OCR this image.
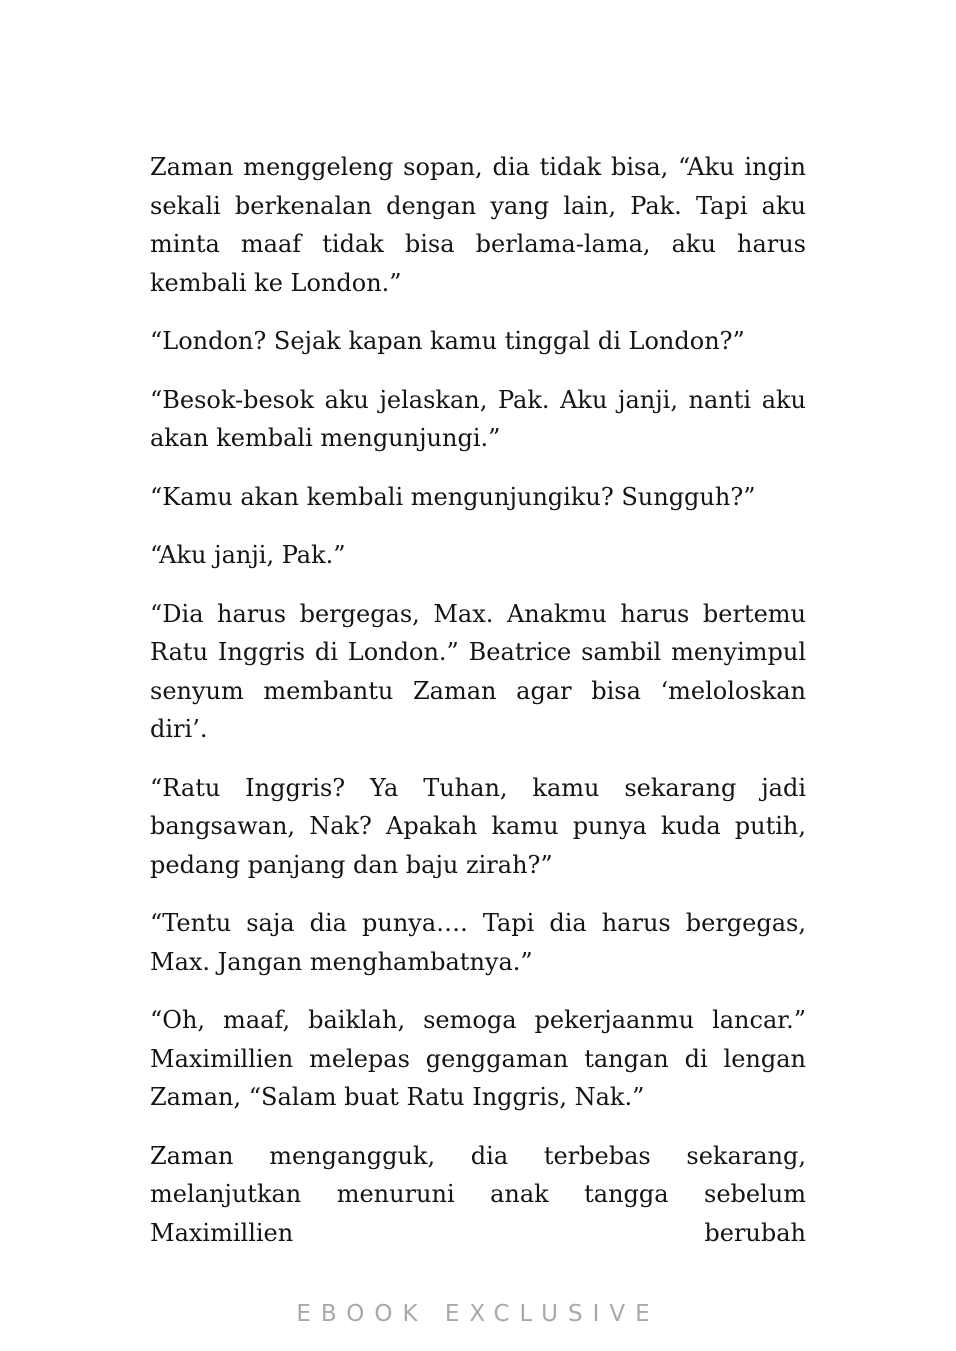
Zaman menggeleng sopan, dia tidak bisa, “Aku ingin sekali berkenalan dengan yang lain, Pak. Tapi aku minta maaf tidak bisa berlama-lama, aku harus kembali ke London.”

“London? Sejak kapan kamu tinggal di London?”

“Besok-besok aku jelaskan, Pak. Aku janji, nanti aku akan kembali mengunjungi.”

“Kamu akan kembali mengunjungiku? Sungguh?”

“Aku janji, Pak.”

“Dia harus bergegas, Max. Anakmu harus bertemu Ratu Inggris di London.” Beatrice sambil menyimpul senyum membantu Zaman agar bisa ‘meloloskan diri’.

“Ratu Inggris? Ya Tuhan, kamu sekarang jadi bangsawan, Nak? Apakah kamu punya kuda putih, pedang panjang dan baju zirah?”

“Tentu saja dia punya…. Tapi dia harus bergegas, Max. Jangan menghambatnya.”

“Oh, maaf, baiklah, semoga pekerjaanmu lancar.” Maximillien melepas genggaman tangan di lengan Zaman, “Salam buat Ratu Inggris, Nak.”

Zaman mengangguk, dia terbebas sekarang, melanjutkan menuruni anak tangga sebelum Maximillien berubah

EBOOK EXCLUSIVE
